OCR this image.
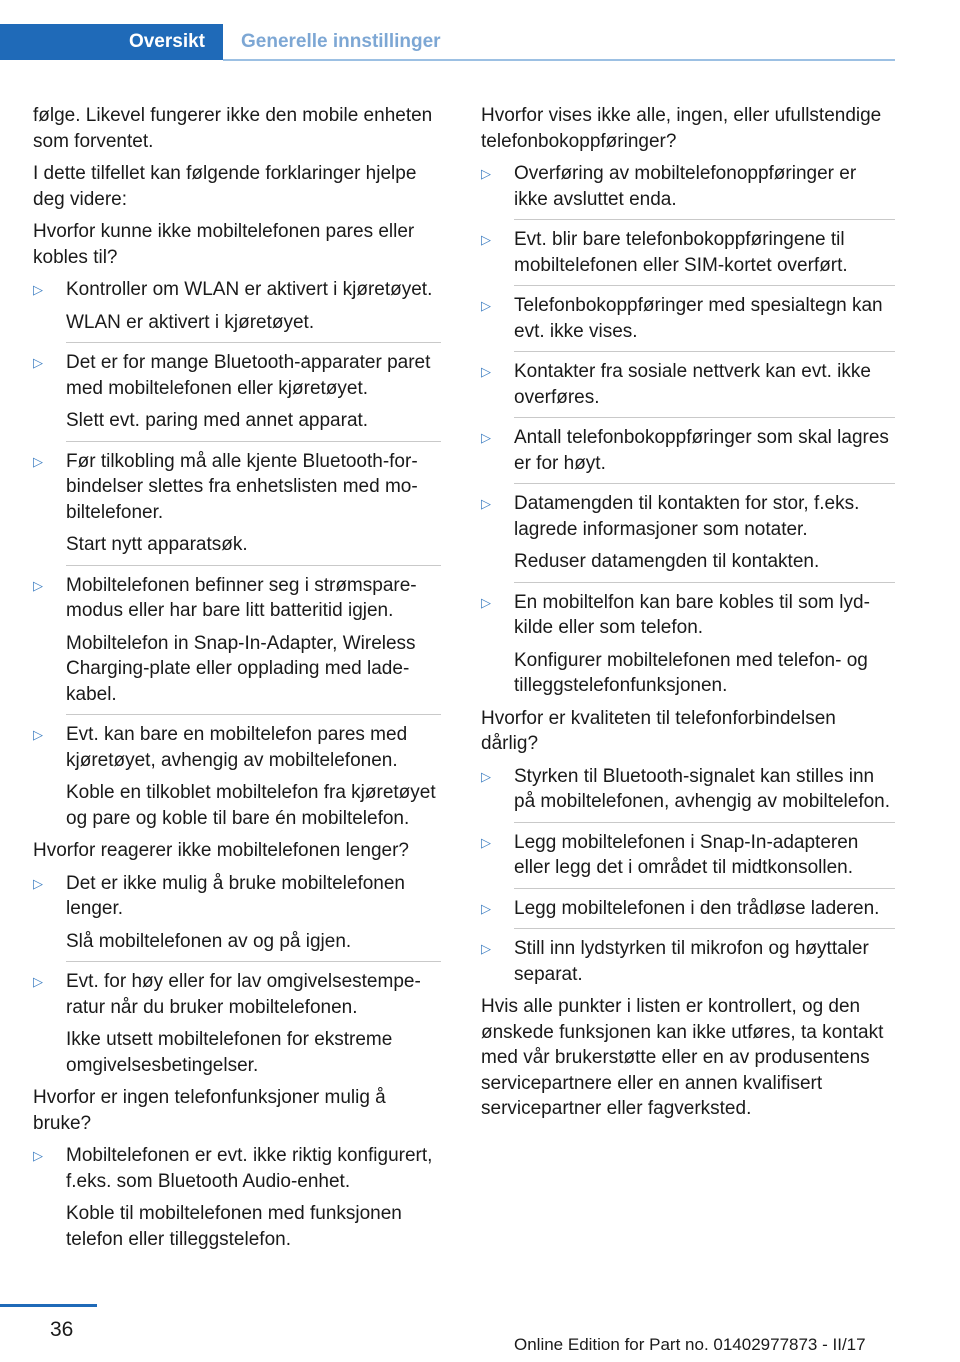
Oversikt	Generelle innstillinger

følge. Likevel fungerer ikke den mobile enheten som forventet.

I dette tilfellet kan følgende forklaringer hjelpe deg videre:

Hvorfor kunne ikke mobiltelefonen pares eller kobles til?

▷ Kontroller om WLAN er aktivert i kjøretøyet.
WLAN er aktivert i kjøretøyet.
▷ Det er for mange Bluetooth-apparater paret med mobiltelefonen eller kjøretøyet.
Slett evt. paring med annet apparat.
▷ Før tilkobling må alle kjente Bluetooth-forbindelser slettes fra enhetslisten med mobiltelefoner.
Start nytt apparatsøk.
▷ Mobiltelefonen befinner seg i strømsparemodus eller har bare litt batteritid igjen.
Mobiltelefon in Snap-In-Adapter, Wireless Charging-plate eller opplading med ladekabel.
▷ Evt. kan bare en mobiltelefon pares med kjøretøyet, avhengig av mobiltelefonen.
Koble en tilkoblet mobiltelefon fra kjøretøyet og pare og koble til bare én mobiltelefon.

Hvorfor reagerer ikke mobiltelefonen lenger?

▷ Det er ikke mulig å bruke mobiltelefonen lenger.
Slå mobiltelefonen av og på igjen.
▷ Evt. for høy eller for lav omgivelsestemperatur når du bruker mobiltelefonen.
Ikke utsett mobiltelefonen for ekstreme omgivelsesbetingelser.

Hvorfor er ingen telefonfunksjoner mulig å bruke?

▷ Mobiltelefonen er evt. ikke riktig konfigurert, f.eks. som Bluetooth Audio-enhet.
Koble til mobiltelefonen med funksjonen telefon eller tilleggstelefon.

Hvorfor vises ikke alle, ingen, eller ufullstendige telefonbokoppføringer?

▷ Overføring av mobiltelefonoppføringer er ikke avsluttet enda.
▷ Evt. blir bare telefonbokoppføringene til mobiltelefonen eller SIM-kortet overført.
▷ Telefonbokoppføringer med spesialtegn kan evt. ikke vises.
▷ Kontakter fra sosiale nettverk kan evt. ikke overføres.
▷ Antall telefonbokoppføringer som skal lagres er for høyt.
▷ Datamengden til kontakten for stor, f.eks. lagrede informasjoner som notater.
Reduser datamengden til kontakten.
▷ En mobiltelfon kan bare kobles til som lydkilde eller som telefon.
Konfigurer mobiltelefonen med telefon- og tilleggstelefonfunksjonen.

Hvorfor er kvaliteten til telefonforbindelsen dårlig?

▷ Styrken til Bluetooth-signalet kan stilles inn på mobiltelefonen, avhengig av mobiltelefon.
▷ Legg mobiltelefonen i Snap-In-adapteren eller legg det i området til midtkonsollen.
▷ Legg mobiltelefonen i den trådløse laderen.
▷ Still inn lydstyrken til mikrofon og høyttaler separat.

Hvis alle punkter i listen er kontrollert, og den ønskede funksjonen kan ikke utføres, ta kontakt med vår brukerstøtte eller en av produsentens servicepartnere eller en annen kvalifisert servicepartner eller fagverksted.

36
Online Edition for Part no. 01402977873 - II/17
